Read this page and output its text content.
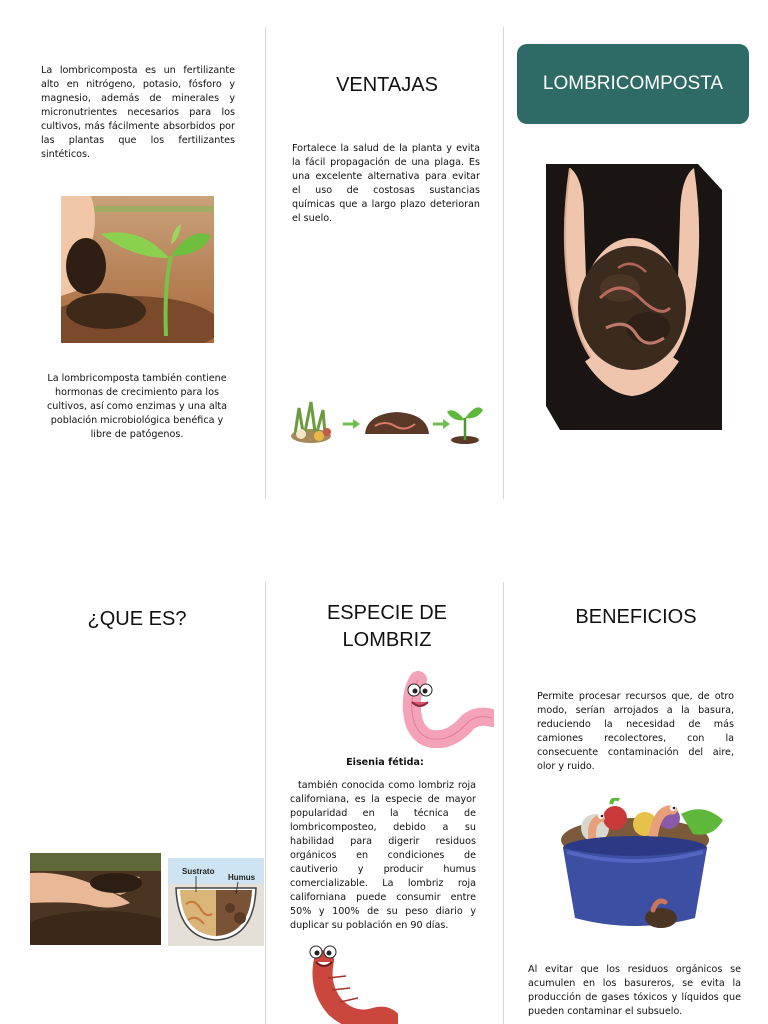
La lombricomposta es un fertilizante alto en nitrógeno, potasio, fósforo y magnesio, además de minerales y micronutrientes necesarios para los cultivos, más fácilmente absorbidos por las plantas que los fertilizantes sintéticos.
La lombricomposta también contiene hormonas de crecimiento para los cultivos, así como enzimas y una alta población microbiológica benéfica y libre de patógenos.
VENTAJAS
Fortalece la salud de la planta y evita la fácil propagación de una plaga. Es una excelente alternativa para evitar el uso de costosas sustancias químicas que a largo plazo deterioran el suelo.
LOMBRICOMPOSTA
¿QUE ES?
Sustrato
Humus
ESPECIE DE
LOMBRIZ
Eisenia fétida:
también conocida como lombriz roja californiana, es la especie de mayor popularidad en la técnica de lombricomposteo, debido a su habilidad para digerir residuos orgánicos en condiciones de cautiverio y producir humus comercializable. La lombriz roja californiana puede consumir entre 50% y 100% de su peso diario y duplicar su población en 90 días.
BENEFICIOS
Permite procesar recursos que, de otro modo, serían arrojados a la basura, reduciendo la necesidad de más camiones recolectores, con la consecuente contaminación del aire, olor y ruido.
Al evitar que los residuos orgánicos se acumulen en los basureros, se evita la producción de gases tóxicos y líquidos que pueden contaminar el subsuelo.
